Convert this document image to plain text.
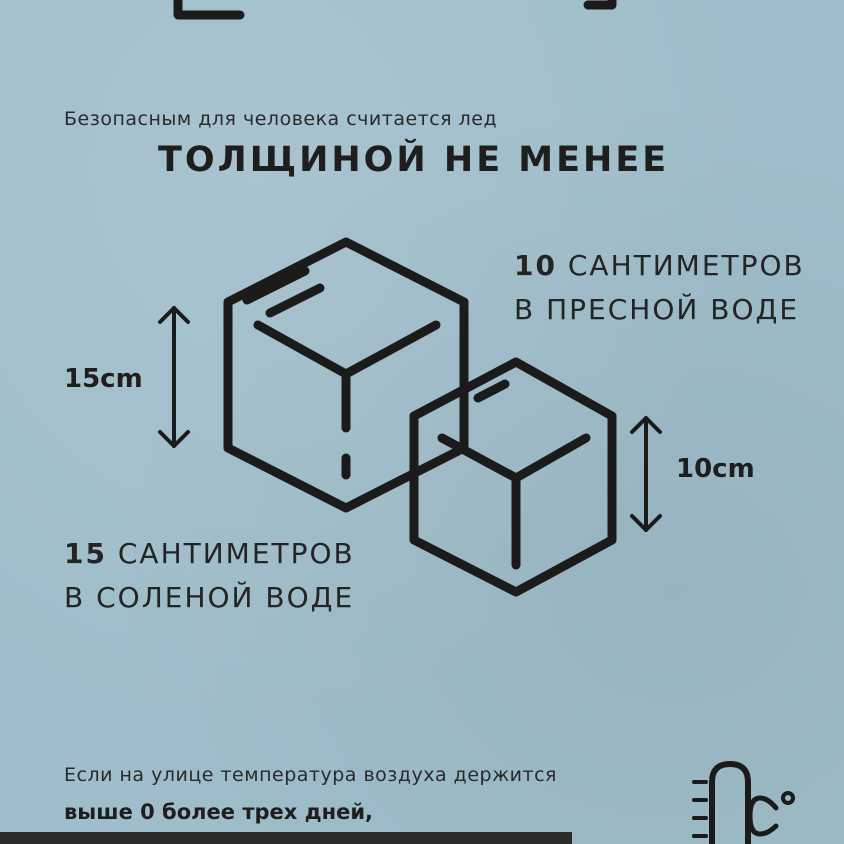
Безопасным для человека считается лед
ТОЛЩИНОЙ НЕ МЕНЕЕ
10 САНТИМЕТРОВ
В ПРЕСНОЙ ВОДЕ
15 САНТИМЕТРОВ
В СОЛЕНОЙ ВОДЕ
15cm
10cm
Если на улице температура воздуха держится
выше 0 более трех дней,
